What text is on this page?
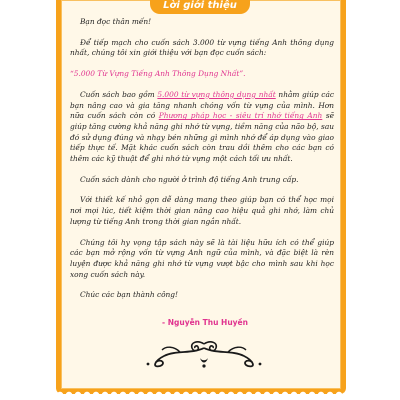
Lời giới thiệu

Bạn đọc thân mến!

Để tiếp mạch cho cuốn sách 3.000 từ vựng tiếng Anh thông dụng nhất, chúng tôi xin giới thiệu với bạn đọc cuốn sách:

“5.000 Từ Vựng Tiếng Anh Thông Dụng Nhất”.

Cuốn sách bao gồm 5.000 từ vựng thông dụng nhất nhằm giúp các bạn nâng cao và gia tăng nhanh chóng vốn từ vựng của mình. Hơn nữa cuốn sách còn có Phương pháp học - siêu trí nhớ tiếng Anh sẽ giúp tăng cường khả năng ghi nhớ từ vựng, tiềm năng của não bộ, sau đó sử dụng đúng và nhạy bén những gì mình nhớ để áp dụng vào giao tiếp thực tế. Mặt khác cuốn sách còn trau dồi thêm cho các bạn có thêm các kỹ thuật để ghi nhớ từ vựng một cách tối ưu nhất.

Cuốn sách dành cho người ở trình độ tiếng Anh trung cấp.

Với thiết kế nhỏ gọn dễ dàng mang theo giúp bạn có thể học mọi nơi mọi lúc, tiết kiệm thời gian nâng cao hiệu quả ghi nhớ, làm chủ lượng từ tiếng Anh trong thời gian ngắn nhất.

Chúng tôi hy vọng tập sách này sẽ là tài liệu hữu ích có thể giúp các bạn mở rộng vốn từ vựng Anh ngữ của mình, và đặc biệt là rèn luyện được khả năng ghi nhớ từ vựng vượt bậc cho mình sau khi học xong cuốn sách này.

Chúc các bạn thành công!

- Nguyễn Thu Huyền
